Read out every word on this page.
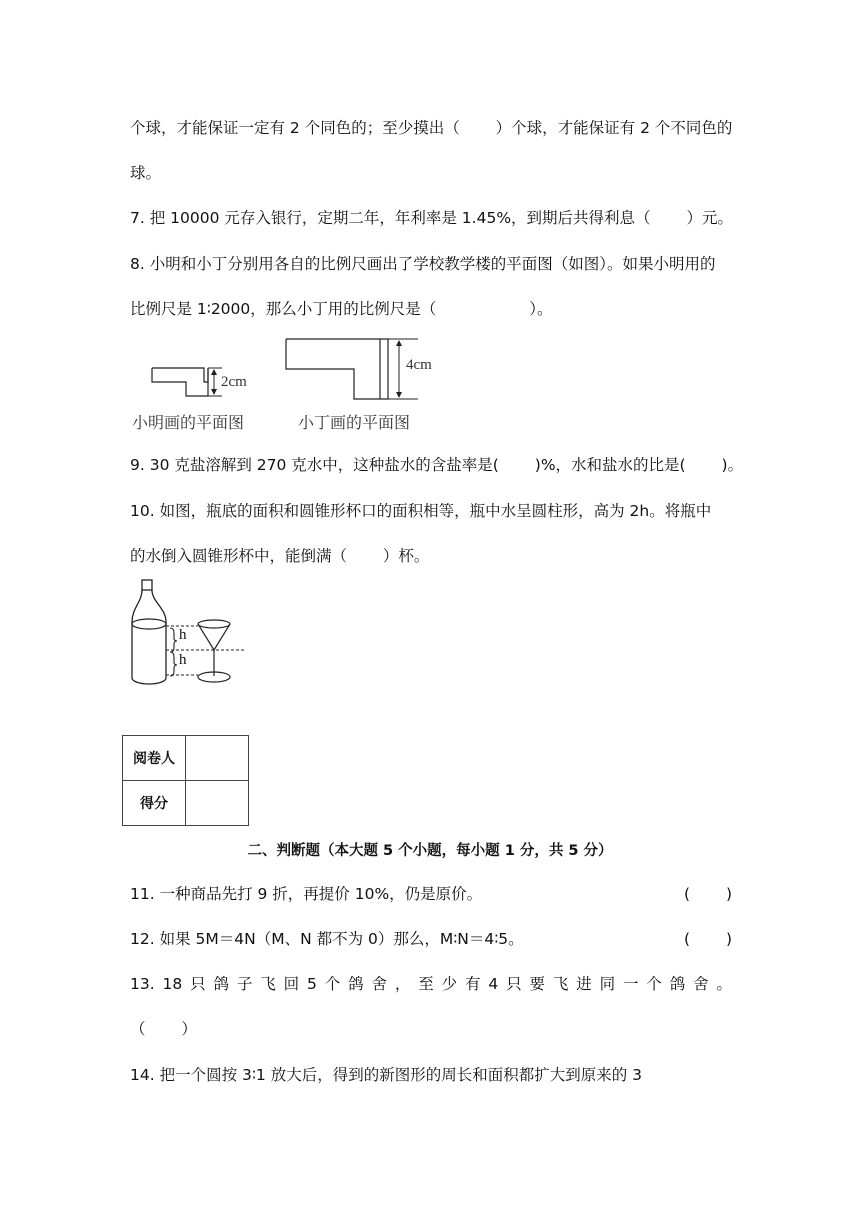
个球，才能保证一定有 2 个同色的；至少摸出（　　 ）个球，才能保证有 2 个不同色的
球。
7. 把 10000 元存入银行，定期二年，年利率是 1.45%，到期后共得利息（　　 ）元。
8. 小明和小丁分别用各自的比例尺画出了学校教学楼的平面图（如图）。如果小明用的
比例尺是 1∶2000，那么小丁用的比例尺是（　　　　　　）。
2cm
4cm
小明画的平面图	小丁画的平面图
9. 30 克盐溶解到 270 克水中，这种盐水的含盐率是(　　 )%，水和盐水的比是(　　 )。
10. 如图，瓶底的面积和圆锥形杯口的面积相等，瓶中水呈圆柱形，高为 2h。将瓶中
的水倒入圆锥形杯中，能倒满（　　 ）杯。
h
h
阅卷人	
得分	
二、判断题（本大题 5 个小题，每小题 1 分，共 5 分）
11. 一种商品先打 9 折，再提价 10%，仍是原价。	(　　 )
12. 如果 5M＝4N（M、N 都不为 0）那么，M∶N＝4∶5。	(　　 )
13. 18 只 鸽 子 飞 回 5 个 鸽 舍 ， 至 少 有 4 只 要 飞 进 同 一 个 鸽 舍 。
（　　 ）
14. 把一个圆按 3∶1 放大后，得到的新图形的周长和面积都扩大到原来的 3
